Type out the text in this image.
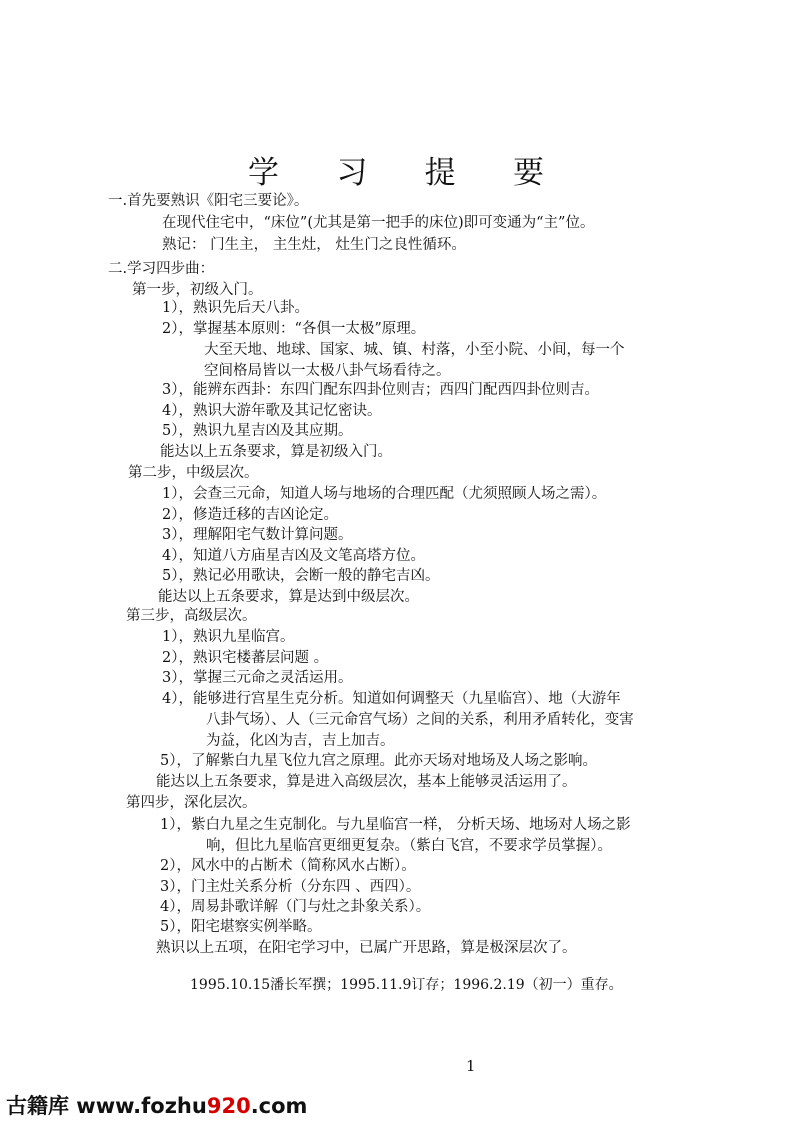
学 习 提 要
一.首先要熟识《阳宅三要论》。
在现代住宅中，“床位”(尤其是第一把手的床位)即可变通为“主”位。
熟记： 门生主， 主生灶， 灶生门之良性循环。
二.学习四步曲：
第一步，初级入门。
1），熟识先后天八卦。
2），掌握基本原则：“各俱一太极”原理。
大至天地、地球、国家、城、镇、村落，小至小院、小间，每一个
空间格局皆以一太极八卦气场看待之。
3），能辨东西卦：东四门配东四卦位则吉；西四门配西四卦位则吉。
4），熟识大游年歌及其记忆密诀。
5），熟识九星吉凶及其应期。
能达以上五条要求，算是初级入门。
第二步，中级层次。
1），会查三元命，知道人场与地场的合理匹配（尤须照顾人场之需）。
2），修造迁移的吉凶论定。
3），理解阳宅气数计算问题。
4），知道八方庙星吉凶及文笔高塔方位。
5），熟记必用歌诀，会断一般的静宅吉凶。
能达以上五条要求，算是达到中级层次。
第三步，高级层次。
1），熟识九星临宫。
2），熟识宅楼蕃层问题 。
3），掌握三元命之灵活运用。
4），能够进行宫星生克分析。知道如何调整天（九星临宫）、地（大游年
八卦气场）、人（三元命宫气场）之间的关系，利用矛盾转化，变害
为益，化凶为吉，吉上加吉。
5），了解紫白九星飞位九宫之原理。此亦天场对地场及人场之影响。
能达以上五条要求，算是进入高级层次，基本上能够灵活运用了。
第四步，深化层次。
1），紫白九星之生克制化。与九星临宫一样， 分析天场、地场对人场之影
响，但比九星临宫更细更复杂。（紫白飞宫，不要求学员掌握）。
2），风水中的占断术（简称风水占断）。
3），门主灶关系分析（分东四 、西四）。
4），周易卦歌详解（门与灶之卦象关系）。
5），阳宅堪察实例举略。
熟识以上五项，在阳宅学习中，已属广开思路，算是极深层次了。
1995.10.15潘长军撰；1995.11.9订存；1996.2.19（初一）重存。
1
古籍库 www.fozhu920.com
